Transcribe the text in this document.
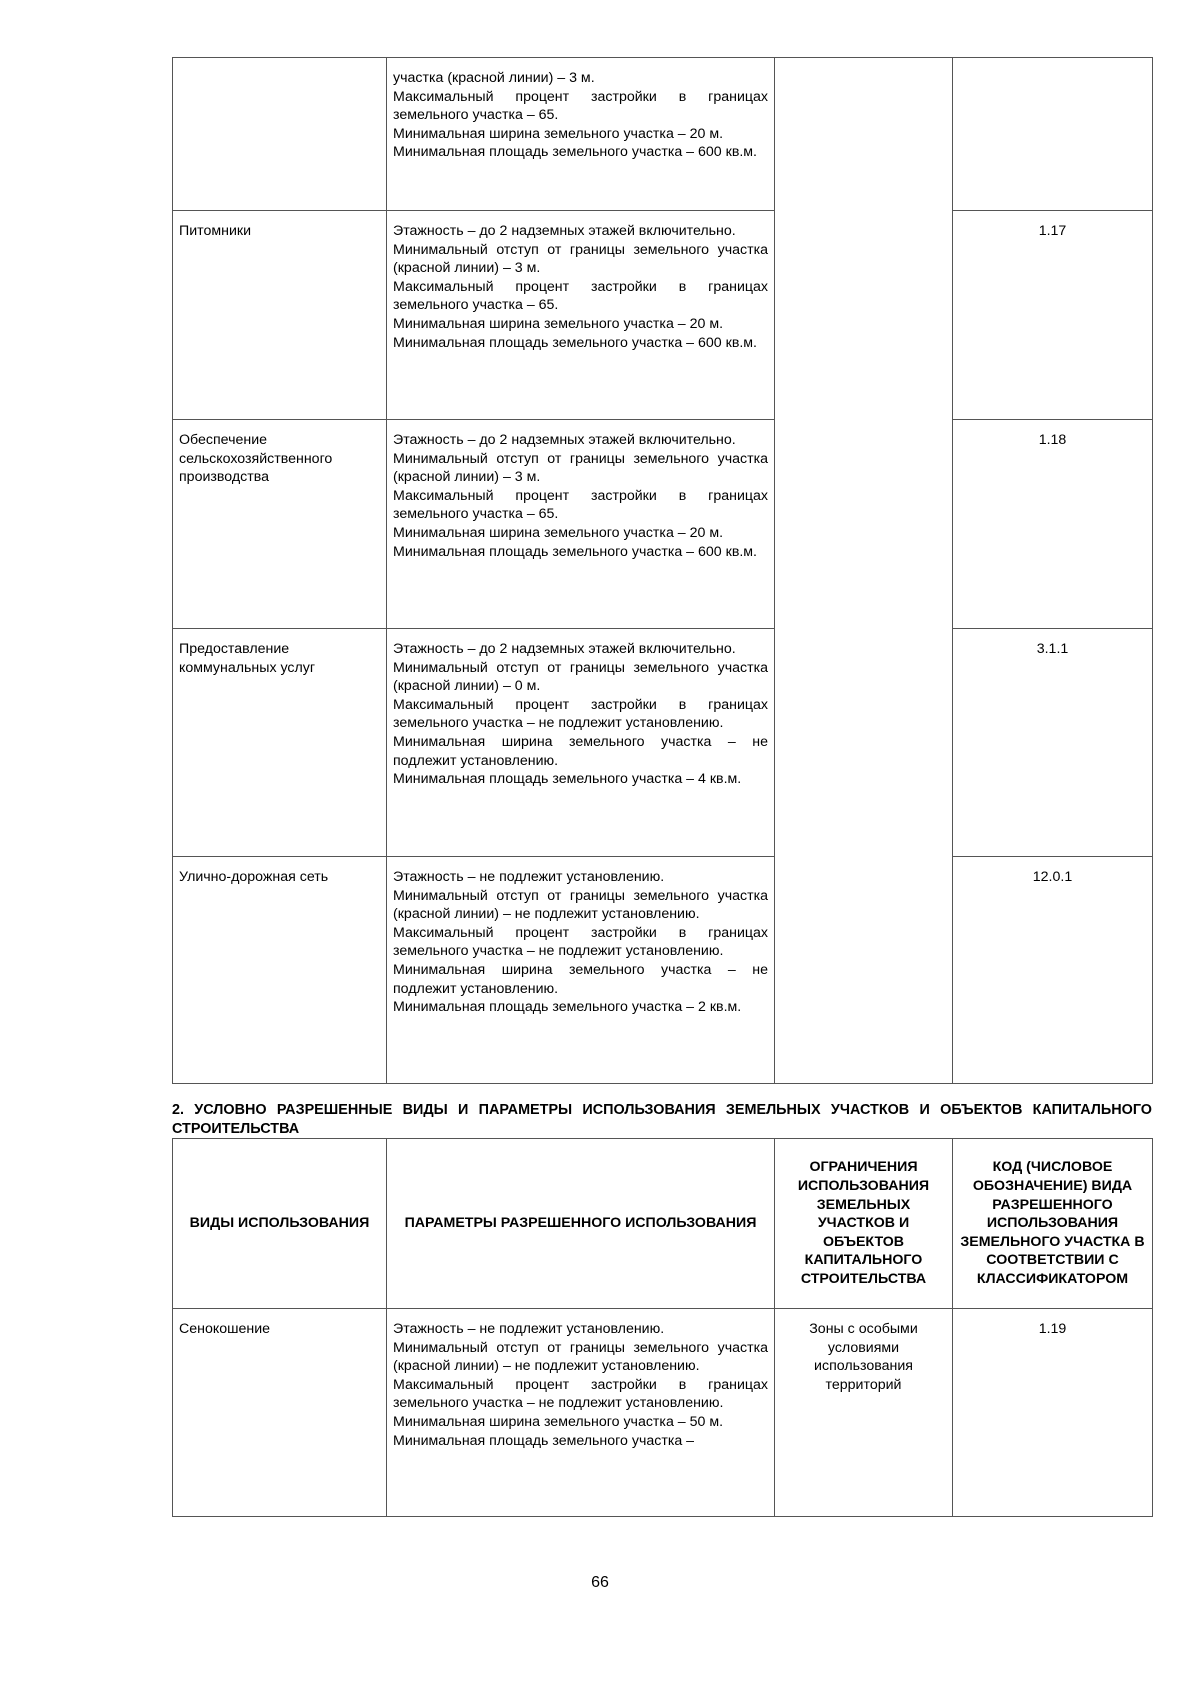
	участка (красной линии) – 3 м.
Максимальный процент застройки в границах земельного участка – 65.
Минимальная ширина земельного участка – 20 м.
Минимальная площадь земельного участка – 600 кв.м.		

Питомники	Этажность – до 2 надземных этажей включительно.
Минимальный отступ от границы земельного участка (красной линии) – 3 м.
Максимальный процент застройки в границах земельного участка – 65.
Минимальная ширина земельного участка – 20 м.
Минимальная площадь земельного участка – 600 кв.м.		1.17
Обеспечение сельскохозяйственного производства	Этажность – до 2 надземных этажей включительно.
Минимальный отступ от границы земельного участка (красной линии) – 3 м.
Максимальный процент застройки в границах земельного участка – 65.
Минимальная ширина земельного участка – 20 м.
Минимальная площадь земельного участка – 600 кв.м.		1.18
Предоставление коммунальных услуг	Этажность – до 2 надземных этажей включительно.
Минимальный отступ от границы земельного участка (красной линии) – 0 м.
Максимальный процент застройки в границах земельного участка – не подлежит установлению.
Минимальная ширина земельного участка – не подлежит установлению.
Минимальная площадь земельного участка – 4 кв.м.		3.1.1
Улично-дорожная сеть	Этажность – не подлежит установлению.
Минимальный отступ от границы земельного участка (красной линии) – не подлежит установлению.
Максимальный процент застройки в границах земельного участка – не подлежит установлению.
Минимальная ширина земельного участка – не подлежит установлению.
Минимальная площадь земельного участка – 2 кв.м.		12.0.1
2. УСЛОВНО РАЗРЕШЕННЫЕ ВИДЫ И ПАРАМЕТРЫ ИСПОЛЬЗОВАНИЯ ЗЕМЕЛЬНЫХ УЧАСТКОВ И ОБЪЕКТОВ КАПИТАЛЬНОГО СТРОИТЕЛЬСТВА
ВИДЫ ИСПОЛЬЗОВАНИЯ	ПАРАМЕТРЫ РАЗРЕШЕННОГО ИСПОЛЬЗОВАНИЯ	ОГРАНИЧЕНИЯ ИСПОЛЬЗОВАНИЯ ЗЕМЕЛЬНЫХ УЧАСТКОВ И ОБЪЕКТОВ КАПИТАЛЬНОГО СТРОИТЕЛЬСТВА	КОД (ЧИСЛОВОЕ ОБОЗНАЧЕНИЕ) ВИДА РАЗРЕШЕННОГО ИСПОЛЬЗОВАНИЯ ЗЕМЕЛЬНОГО УЧАСТКА В СООТВЕТСТВИИ С КЛАССИФИКАТОРОМ
Сенокошение	Этажность – не подлежит установлению.
Минимальный отступ от границы земельного участка (красной линии) – не подлежит установлению.
Максимальный процент застройки в границах земельного участка – не подлежит установлению.
Минимальная ширина земельного участка – 50 м.
Минимальная площадь земельного участка –	Зоны с особыми условиями использования территорий	1.19
66
